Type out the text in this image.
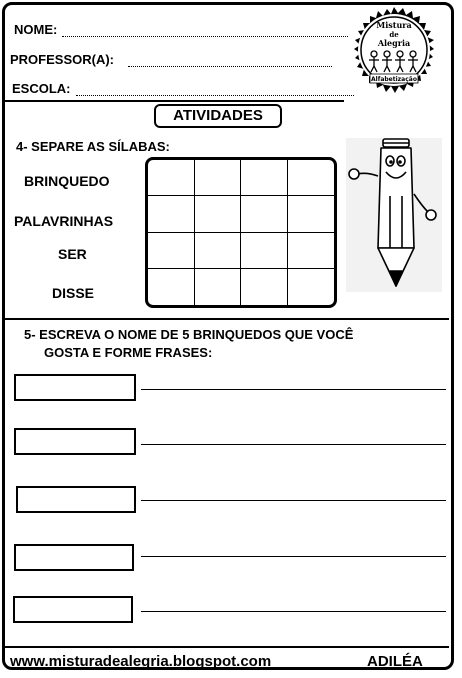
NOME:
PROFESSOR(A):
ESCOLA:
Mistura
de
Alegria
Alfabetização
ATIVIDADES
4- SEPARE AS SÍLABAS:
BRINQUEDO
PALAVRINHAS
SER
DISSE
5- ESCREVA O NOME DE 5 BRINQUEDOS QUE VOCÊ
GOSTA E FORME FRASES:
www.misturadealegria.blogspot.com	ADILÉA
